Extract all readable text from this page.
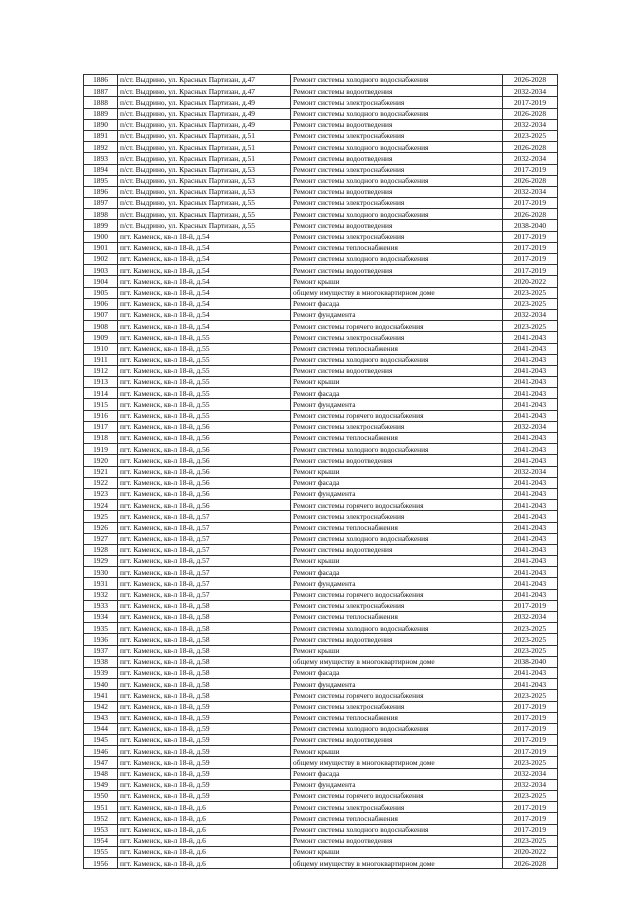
1886	п/ст. Выдрино, ул. Красных Партизан, д.47	Ремонт системы холодного водоснабжения	2026-2028
1887	п/ст. Выдрино, ул. Красных Партизан, д.47	Ремонт системы водоотведения	2032-2034
1888	п/ст. Выдрино, ул. Красных Партизан, д.49	Ремонт системы электроснабжения	2017-2019
1889	п/ст. Выдрино, ул. Красных Партизан, д.49	Ремонт системы холодного водоснабжения	2026-2028
1890	п/ст. Выдрино, ул. Красных Партизан, д.49	Ремонт системы водоотведения	2032-2034
1891	п/ст. Выдрино, ул. Красных Партизан, д.51	Ремонт системы электроснабжения	2023-2025
1892	п/ст. Выдрино, ул. Красных Партизан, д.51	Ремонт системы холодного водоснабжения	2026-2028
1893	п/ст. Выдрино, ул. Красных Партизан, д.51	Ремонт системы водоотведения	2032-2034
1894	п/ст. Выдрино, ул. Красных Партизан, д.53	Ремонт системы электроснабжения	2017-2019
1895	п/ст. Выдрино, ул. Красных Партизан, д.53	Ремонт системы холодного водоснабжения	2026-2028
1896	п/ст. Выдрино, ул. Красных Партизан, д.53	Ремонт системы водоотведения	2032-2034
1897	п/ст. Выдрино, ул. Красных Партизан, д.55	Ремонт системы электроснабжения	2017-2019
1898	п/ст. Выдрино, ул. Красных Партизан, д.55	Ремонт системы холодного водоснабжения	2026-2028
1899	п/ст. Выдрино, ул. Красных Партизан, д.55	Ремонт системы водоотведения	2038-2040
1900	пгт. Каменск, кв-л 18-й, д.54	Ремонт системы электроснабжения	2017-2019
1901	пгт. Каменск, кв-л 18-й, д.54	Ремонт системы теплоснабжения	2017-2019
1902	пгт. Каменск, кв-л 18-й, д.54	Ремонт системы холодного водоснабжения	2017-2019
1903	пгт. Каменск, кв-л 18-й, д.54	Ремонт системы водоотведения	2017-2019
1904	пгт. Каменск, кв-л 18-й, д.54	Ремонт крыши	2020-2022
1905	пгт. Каменск, кв-л 18-й, д.54	общему имуществу в многоквартирном доме	2023-2025
1906	пгт. Каменск, кв-л 18-й, д.54	Ремонт фасада	2023-2025
1907	пгт. Каменск, кв-л 18-й, д.54	Ремонт фундамента	2032-2034
1908	пгт. Каменск, кв-л 18-й, д.54	Ремонт системы горячего водоснабжения	2023-2025
1909	пгт. Каменск, кв-л 18-й, д.55	Ремонт системы электроснабжения	2041-2043
1910	пгт. Каменск, кв-л 18-й, д.55	Ремонт системы теплоснабжения	2041-2043
1911	пгт. Каменск, кв-л 18-й, д.55	Ремонт системы холодного водоснабжения	2041-2043
1912	пгт. Каменск, кв-л 18-й, д.55	Ремонт системы водоотведения	2041-2043
1913	пгт. Каменск, кв-л 18-й, д.55	Ремонт крыши	2041-2043
1914	пгт. Каменск, кв-л 18-й, д.55	Ремонт фасада	2041-2043
1915	пгт. Каменск, кв-л 18-й, д.55	Ремонт фундамента	2041-2043
1916	пгт. Каменск, кв-л 18-й, д.55	Ремонт системы горячего водоснабжения	2041-2043
1917	пгт. Каменск, кв-л 18-й, д.56	Ремонт системы электроснабжения	2032-2034
1918	пгт. Каменск, кв-л 18-й, д.56	Ремонт системы теплоснабжения	2041-2043
1919	пгт. Каменск, кв-л 18-й, д.56	Ремонт системы холодного водоснабжения	2041-2043
1920	пгт. Каменск, кв-л 18-й, д.56	Ремонт системы водоотведения	2041-2043
1921	пгт. Каменск, кв-л 18-й, д.56	Ремонт крыши	2032-2034
1922	пгт. Каменск, кв-л 18-й, д.56	Ремонт фасада	2041-2043
1923	пгт. Каменск, кв-л 18-й, д.56	Ремонт фундамента	2041-2043
1924	пгт. Каменск, кв-л 18-й, д.56	Ремонт системы горячего водоснабжения	2041-2043
1925	пгт. Каменск, кв-л 18-й, д.57	Ремонт системы электроснабжения	2041-2043
1926	пгт. Каменск, кв-л 18-й, д.57	Ремонт системы теплоснабжения	2041-2043
1927	пгт. Каменск, кв-л 18-й, д.57	Ремонт системы холодного водоснабжения	2041-2043
1928	пгт. Каменск, кв-л 18-й, д.57	Ремонт системы водоотведения	2041-2043
1929	пгт. Каменск, кв-л 18-й, д.57	Ремонт крыши	2041-2043
1930	пгт. Каменск, кв-л 18-й, д.57	Ремонт фасада	2041-2043
1931	пгт. Каменск, кв-л 18-й, д.57	Ремонт фундамента	2041-2043
1932	пгт. Каменск, кв-л 18-й, д.57	Ремонт системы горячего водоснабжения	2041-2043
1933	пгт. Каменск, кв-л 18-й, д.58	Ремонт системы электроснабжения	2017-2019
1934	пгт. Каменск, кв-л 18-й, д.58	Ремонт системы теплоснабжения	2032-2034
1935	пгт. Каменск, кв-л 18-й, д.58	Ремонт системы холодного водоснабжения	2023-2025
1936	пгт. Каменск, кв-л 18-й, д.58	Ремонт системы водоотведения	2023-2025
1937	пгт. Каменск, кв-л 18-й, д.58	Ремонт крыши	2023-2025
1938	пгт. Каменск, кв-л 18-й, д.58	общему имуществу в многоквартирном доме	2038-2040
1939	пгт. Каменск, кв-л 18-й, д.58	Ремонт фасада	2041-2043
1940	пгт. Каменск, кв-л 18-й, д.58	Ремонт фундамента	2041-2043
1941	пгт. Каменск, кв-л 18-й, д.58	Ремонт системы горячего водоснабжения	2023-2025
1942	пгт. Каменск, кв-л 18-й, д.59	Ремонт системы электроснабжения	2017-2019
1943	пгт. Каменск, кв-л 18-й, д.59	Ремонт системы теплоснабжения	2017-2019
1944	пгт. Каменск, кв-л 18-й, д.59	Ремонт системы холодного водоснабжения	2017-2019
1945	пгт. Каменск, кв-л 18-й, д.59	Ремонт системы водоотведения	2017-2019
1946	пгт. Каменск, кв-л 18-й, д.59	Ремонт крыши	2017-2019
1947	пгт. Каменск, кв-л 18-й, д.59	общему имуществу в многоквартирном доме	2023-2025
1948	пгт. Каменск, кв-л 18-й, д.59	Ремонт фасада	2032-2034
1949	пгт. Каменск, кв-л 18-й, д.59	Ремонт фундамента	2032-2034
1950	пгт. Каменск, кв-л 18-й, д.59	Ремонт системы горячего водоснабжения	2023-2025
1951	пгт. Каменск, кв-л 18-й, д.6	Ремонт системы электроснабжения	2017-2019
1952	пгт. Каменск, кв-л 18-й, д.6	Ремонт системы теплоснабжения	2017-2019
1953	пгт. Каменск, кв-л 18-й, д.6	Ремонт системы холодного водоснабжения	2017-2019
1954	пгт. Каменск, кв-л 18-й, д.6	Ремонт системы водоотведения	2023-2025
1955	пгт. Каменск, кв-л 18-й, д.6	Ремонт крыши	2020-2022
1956	пгт. Каменск, кв-л 18-й, д.6	общему имуществу в многоквартирном доме	2026-2028
